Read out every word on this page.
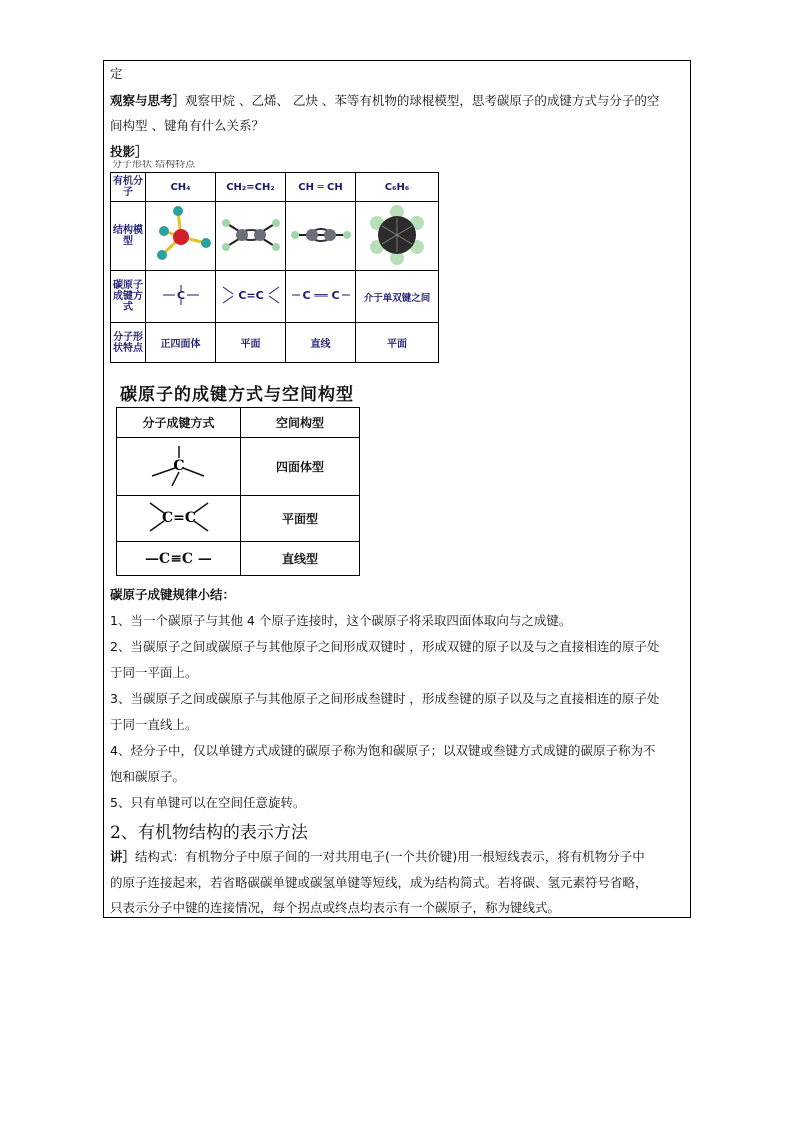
定
观察与思考］观察甲烷 、乙烯、 乙炔 、苯等有机物的球棍模型，思考碳原子的成键方式与分子的空
间构型 、键角有什么关系？
投影］
分子形状 结构特点
有机分子	CH₄	CH₂=CH₂	CH ═ CH	C₆H₆
结构模型				
碳原子成键方式	C	C=C	C ══ C	介于单双键之间
分子形状特点	正四面体	平面	直线	平面
碳原子的成键方式与空间构型
分子成键方式	空间构型

C	四面体型

C=C	平面型
—C≡C —	直线型
碳原子成键规律小结：
1、当一个碳原子与其他 4 个原子连接时，这个碳原子将采取四面体取向与之成键。
2、当碳原子之间或碳原子与其他原子之间形成双键时 ，形成双键的原子以及与之直接相连的原子处
于同一平面上。
3、当碳原子之间或碳原子与其他原子之间形成叁键时 ，形成叁键的原子以及与之直接相连的原子处
于同一直线上。
4、烃分子中，仅以单键方式成键的碳原子称为饱和碳原子；以双键或叁键方式成键的碳原子称为不
饱和碳原子。
5、只有单键可以在空间任意旋转。
2、有机物结构的表示方法
讲］结构式：有机物分子中原子间的一对共用电子(一个共价键)用一根短线表示，将有机物分子中
的原子连接起来，若省略碳碳单键或碳氢单键等短线，成为结构简式。若将碳、氢元素符号省略，
只表示分子中键的连接情况，每个拐点或终点均表示有一个碳原子，称为键线式。
